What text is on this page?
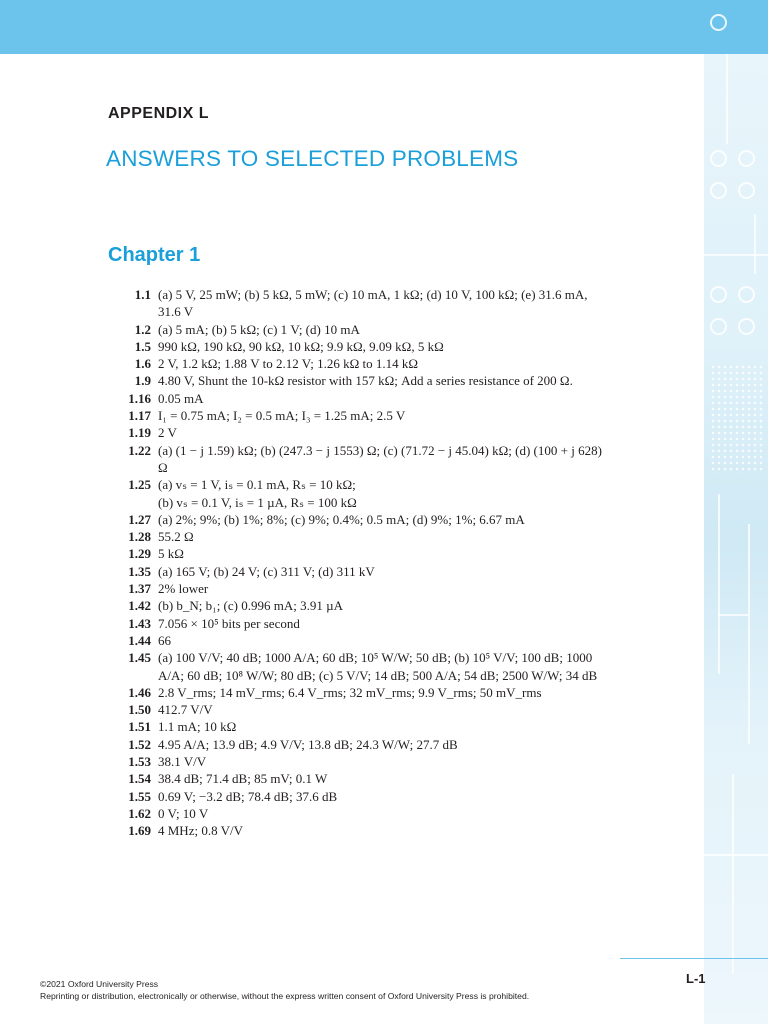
APPENDIX L
ANSWERS TO SELECTED PROBLEMS
Chapter 1
1.1 (a) 5 V, 25 mW; (b) 5 kΩ, 5 mW; (c) 10 mA, 1 kΩ; (d) 10 V, 100 kΩ; (e) 31.6 mA, 31.6 V
1.2 (a) 5 mA; (b) 5 kΩ; (c) 1 V; (d) 10 mA
1.5 990 kΩ, 190 kΩ, 90 kΩ, 10 kΩ; 9.9 kΩ, 9.09 kΩ, 5 kΩ
1.6 2 V, 1.2 kΩ; 1.88 V to 2.12 V; 1.26 kΩ to 1.14 kΩ
1.9 4.80 V, Shunt the 10-kΩ resistor with 157 kΩ; Add a series resistance of 200 Ω.
1.16 0.05 mA
1.17 I₁ = 0.75 mA; I₂ = 0.5 mA; I₃ = 1.25 mA; 2.5 V
1.19 2 V
1.22 (a) (1 − j 1.59) kΩ; (b) (247.3 − j 1553) Ω; (c) (71.72 − j 45.04) kΩ; (d) (100 + j 628) Ω
1.25 (a) vₛ = 1 V, iₛ = 0.1 mA, Rₛ = 10 kΩ;
(b) vₛ = 0.1 V, iₛ = 1 µA, Rₛ = 100 kΩ
1.27 (a) 2%; 9%; (b) 1%; 8%; (c) 9%; 0.4%; 0.5 mA; (d) 9%; 1%; 6.67 mA
1.28 55.2 Ω
1.29 5 kΩ
1.35 (a) 165 V; (b) 24 V; (c) 311 V; (d) 311 kV
1.37 2% lower
1.42 (b) b_N; b₁; (c) 0.996 mA; 3.91 µA
1.43 7.056 × 10⁵ bits per second
1.44 66
1.45 (a) 100 V/V; 40 dB; 1000 A/A; 60 dB; 10⁵ W/W; 50 dB; (b) 10⁵ V/V; 100 dB; 1000 A/A; 60 dB; 10⁸ W/W; 80 dB; (c) 5 V/V; 14 dB; 500 A/A; 54 dB; 2500 W/W; 34 dB
1.46 2.8 V_rms; 14 mV_rms; 6.4 V_rms; 32 mV_rms; 9.9 V_rms; 50 mV_rms
1.50 412.7 V/V
1.51 1.1 mA; 10 kΩ
1.52 4.95 A/A; 13.9 dB; 4.9 V/V; 13.8 dB; 24.3 W/W; 27.7 dB
1.53 38.1 V/V
1.54 38.4 dB; 71.4 dB; 85 mV; 0.1 W
1.55 0.69 V; −3.2 dB; 78.4 dB; 37.6 dB
1.62 0 V; 10 V
1.69 4 MHz; 0.8 V/V
L-1
©2021 Oxford University Press
Reprinting or distribution, electronically or otherwise, without the express written consent of Oxford University Press is prohibited.
